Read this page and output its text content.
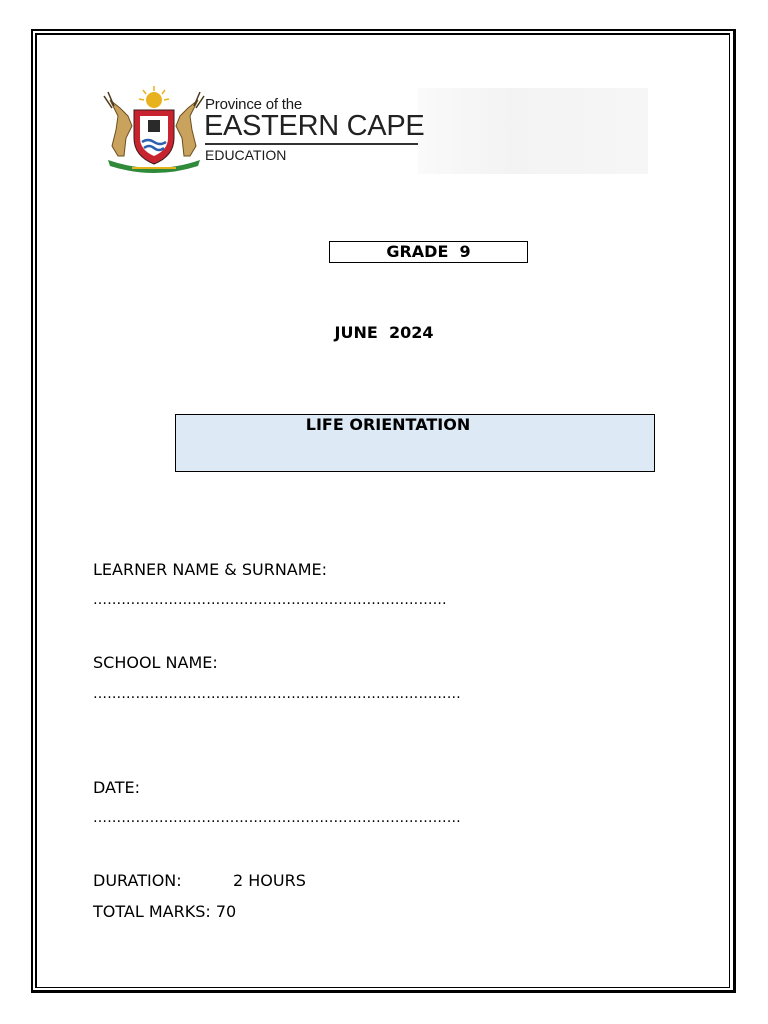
Province of the
EASTERN CAPE
EDUCATION
GRADE  9
JUNE  2024
LIFE ORIENTATION
LEARNER NAME & SURNAME:
…………………………………………………………………
SCHOOL NAME:
……………………………………………………………………
DATE:
……………………………………………………………………
DURATION:	2 HOURS
TOTAL MARKS: 70
